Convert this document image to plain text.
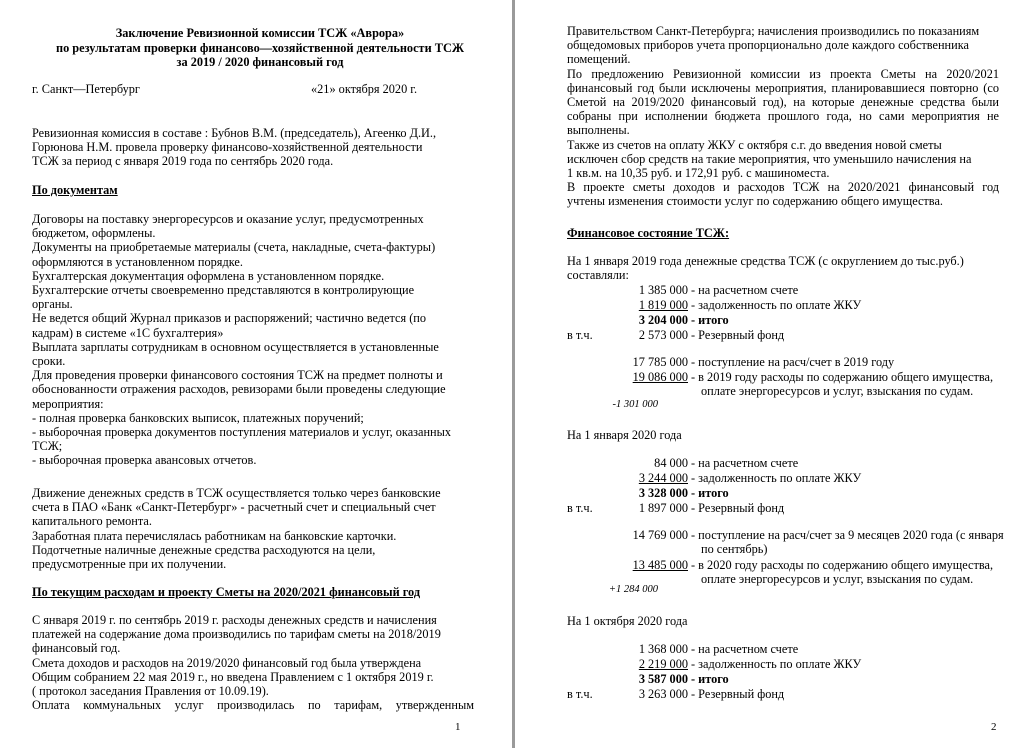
Заключение Ревизионной комиссии ТСЖ «Аврора»
по результатам проверки финансово—хозяйственной деятельности ТСЖ
за 2019 / 2020 финансовый год
г. Санкт—Петербург	«21» октября 2020 г.
Ревизионная комиссия в составе : Бубнов В.М. (председатель), Агеенко Д.И.,
Горюнова Н.М. провела проверку финансово-хозяйственной деятельности
ТСЖ за период с января 2019 года по сентябрь 2020 года.
По документам
Договоры на поставку энергоресурсов и оказание услуг, предусмотренных
бюджетом, оформлены.
Документы на приобретаемые материалы (счета, накладные, счета-фактуры)
оформляются в установленном порядке.
Бухгалтерская документация оформлена в установленном порядке.
Бухгалтерские отчеты своевременно представляются в контролирующие
органы.
Не ведется общий Журнал приказов и распоряжений; частично ведется (по
кадрам) в системе «1С бухгалтерия»
Выплата зарплаты сотрудникам в основном осуществляется в установленные
сроки.
Для проведения проверки финансового состояния ТСЖ на предмет полноты и
обоснованности отражения расходов, ревизорами были проведены следующие
мероприятия:
- полная проверка банковских выписок, платежных поручений;
- выборочная проверка документов поступления материалов и услуг, оказанных
ТСЖ;
- выборочная проверка авансовых отчетов.
Движение денежных средств в ТСЖ осуществляется только через банковские
счета в ПАО «Банк «Санкт-Петербург» - расчетный счет и специальный счет
капитального ремонта.
Заработная плата перечислялась работникам на банковские карточки.
Подотчетные наличные денежные средства расходуются на цели,
предусмотренные при их получении.
По текущим расходам и проекту Сметы на 2020/2021 финансовый год
С января 2019 г. по сентябрь 2019 г. расходы денежных средств и начисления
платежей на содержание дома производились по тарифам сметы на 2018/2019
финансовый год.
Смета доходов и расходов на 2019/2020 финансовый год была утверждена
Общим собранием 22 мая 2019 г., но введена Правлением с 1 октября 2019 г.
( протокол заседания Правления от 10.09.19).
Оплата коммунальных услуг производилась по тарифам, утвержденным
1
Правительством Санкт-Петербурга; начисления производились по показаниям
общедомовых приборов учета пропорционально доле каждого собственника
помещений.
По предложению Ревизионной комиссии из проекта Сметы на 2020/2021
финансовый год были исключены мероприятия, планировавшиеся повторно (со
Сметой на 2019/2020 финансовый год), на которые денежные средства были
собраны при исполнении бюджета прошлого года, но сами мероприятия не
выполнены.
Также из счетов на оплату ЖКУ с октября с.г. до введения новой сметы
исключен сбор средств на такие мероприятия, что уменьшило начисления на
1 кв.м. на 10,35 руб. и 172,91 руб. с машиноместа.
В проекте сметы доходов и расходов ТСЖ на 2020/2021 финансовый год
учтены изменения стоимости услуг по содержанию общего имущества.
Финансовое состояние ТСЖ:
На 1 января 2019 года денежные средства ТСЖ (с округлением до тыс.руб.)
составляли:
На 1 января 2020 года
На 1 октября 2020 года
2
1 385 000 - на расчетном счете
1 819 000 - задолженность по оплате ЖКУ
3 204 000 - итого
в т.ч.	2 573 000 - Резервный фонд
17 785 000 - поступление на расч/счет в 2019 году
19 086 000 - в 2019 году расходы по содержанию общего имущества,
оплате энергоресурсов и услуг, взыскания по судам.
-1 301 000
84 000 - на расчетном счете
3 244 000 - задолженность по оплате ЖКУ
3 328 000 - итого
в т.ч.	1 897 000 - Резервный фонд
14 769 000 - поступление на расч/счет за 9 месяцев 2020 года (с января
по сентябрь)
13 485 000 - в 2020 году расходы по содержанию общего имущества,
оплате энергоресурсов и услуг, взыскания по судам.
+1 284 000
1 368 000 - на расчетном счете
2 219 000 - задолженность по оплате ЖКУ
3 587 000 - итого
в т.ч.	3 263 000 - Резервный фонд
